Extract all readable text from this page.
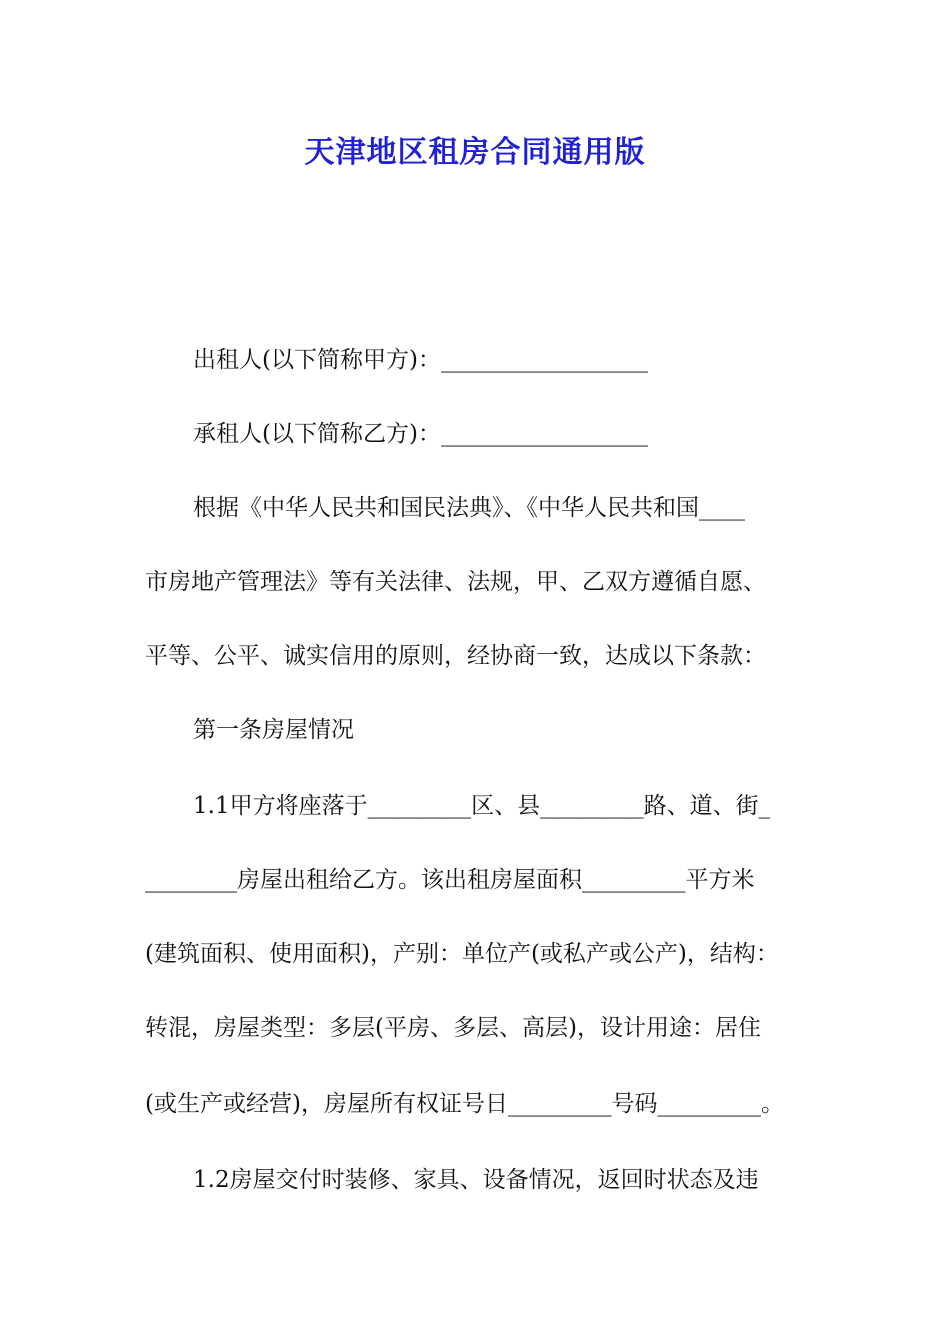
天津地区租房合同通用版
出租人(以下简称甲方)：__________________
承租人(以下简称乙方)：__________________
根据《中华人民共和国民法典》、《中华人民共和国____
市房地产管理法》等有关法律、法规，甲、乙双方遵循自愿、
平等、公平、诚实信用的原则，经协商一致，达成以下条款：
第一条房屋情况
1.1甲方将座落于_________区、县_________路、道、街_
________房屋出租给乙方。该出租房屋面积_________平方米
(建筑面积、使用面积)，产别：单位产(或私产或公产)，结构：
转混，房屋类型：多层(平房、多层、高层)，设计用途：居住
(或生产或经营)，房屋所有权证号日_________号码_________。
1.2房屋交付时装修、家具、设备情况，返回时状态及违
